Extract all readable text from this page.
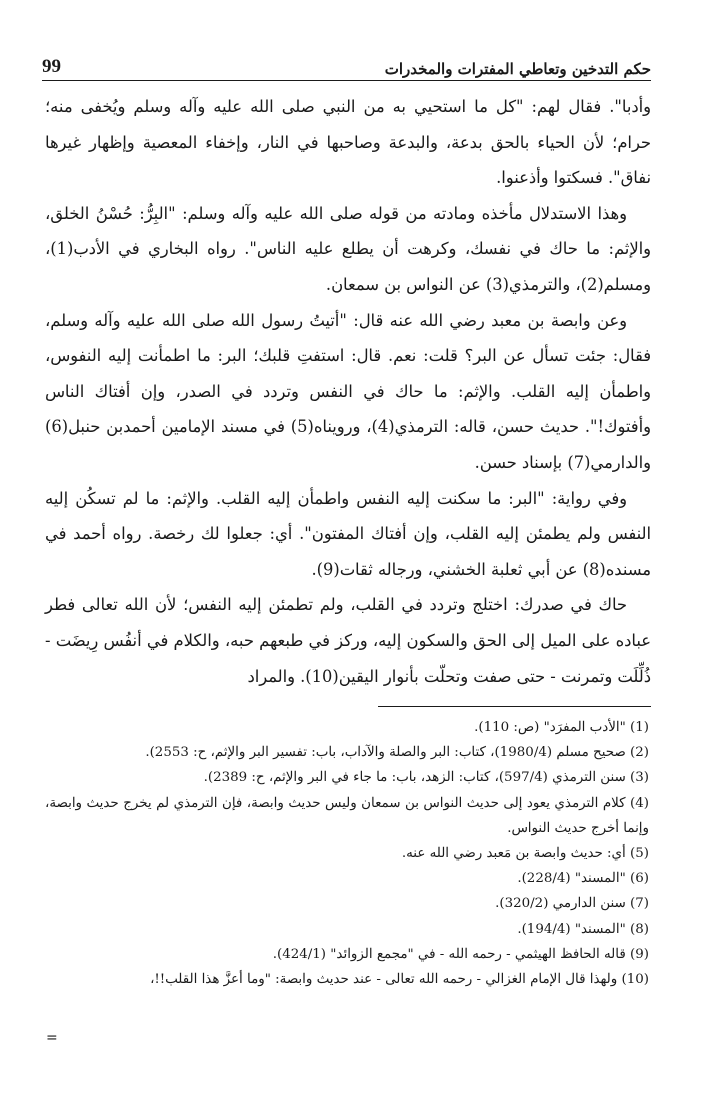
99	حكم التدخين وتعاطي المفترات والمخدرات

وأدبا". فقال لهم: "كل ما استحيي به من النبي صلى الله عليه وآله وسلم ويُخفى منه؛ حرام؛ لأن الحياء بالحق بدعة، والبدعة وصاحبها في النار، وإخفاء المعصية وإظهار غيرها نفاق". فسكتوا وأذعنوا.

وهذا الاستدلال مأخذه ومادته من قوله صلى الله عليه وآله وسلم: "البِرُّ: حُسْنُ الخلق، والإثم: ما حاك في نفسك، وكرهت أن يطلع عليه الناس". رواه البخاري في الأدب(1)، ومسلم(2)، والترمذي(3) عن النواس بن سمعان.

وعن وابصة بن معبد رضي الله عنه قال: "أتيتُ رسول الله صلى الله عليه وآله وسلم، فقال: جئت تسأل عن البر؟ قلت: نعم. قال: استفتِ قلبك؛ البر: ما اطمأنت إليه النفوس، واطمأن إليه القلب. والإثم: ما حاك في النفس وتردد في الصدر، وإن أفتاك الناس وأفتوك!". حديث حسن، قاله: الترمذي(4)، ورويناه(5) في مسند الإمامين أحمدبن حنبل(6) والدارمي(7) بإسناد حسن.

وفي رواية: "البر: ما سكنت إليه النفس واطمأن إليه القلب. والإثم: ما لم تسكُن إليه النفس ولم يطمئن إليه القلب، وإن أفتاك المفتون". أي: جعلوا لك رخصة. رواه أحمد في مسنده(8) عن أبي ثعلبة الخشني، ورجاله ثقات(9).

حاك في صدرك: اختلج وتردد في القلب، ولم تطمئن إليه النفس؛ لأن الله تعالى فطر عباده على الميل إلى الحق والسكون إليه، وركز في طبعهم حبه، والكلام في أنفُس رِيضَت - ذُلِّلَت وتمرنت - حتى صفت وتحلّت بأنوار اليقين(10). والمراد

(1) "الأدب المفرَد" (ص: 110).

(2) صحيح مسلم (1980/4)، كتاب: البر والصلة والآداب، باب: تفسير البر والإثم، ح: 2553).

(3) سنن الترمذي (597/4)، كتاب: الزهد، باب: ما جاء في البر والإثم، ح: 2389).

(4) كلام الترمذي يعود إلى حديث النواس بن سمعان وليس حديث وابصة، فإن الترمذي لم يخرج حديث وابصة، وإنما أخرج حديث النواس.

(5) أي: حديث وابصة بن مَعبد رضي الله عنه.

(6) "المسند" (228/4).

(7) سنن الدارمي (320/2).

(8) "المسند" (194/4).

(9) قاله الحافظ الهيثمي - رحمه الله - في "مجمع الزوائد" (424/1).

(10) ولهذا قال الإمام الغزالي - رحمه الله تعالى - عند حديث وابصة: "وما أعزَّ هذا القلب!!،

=
